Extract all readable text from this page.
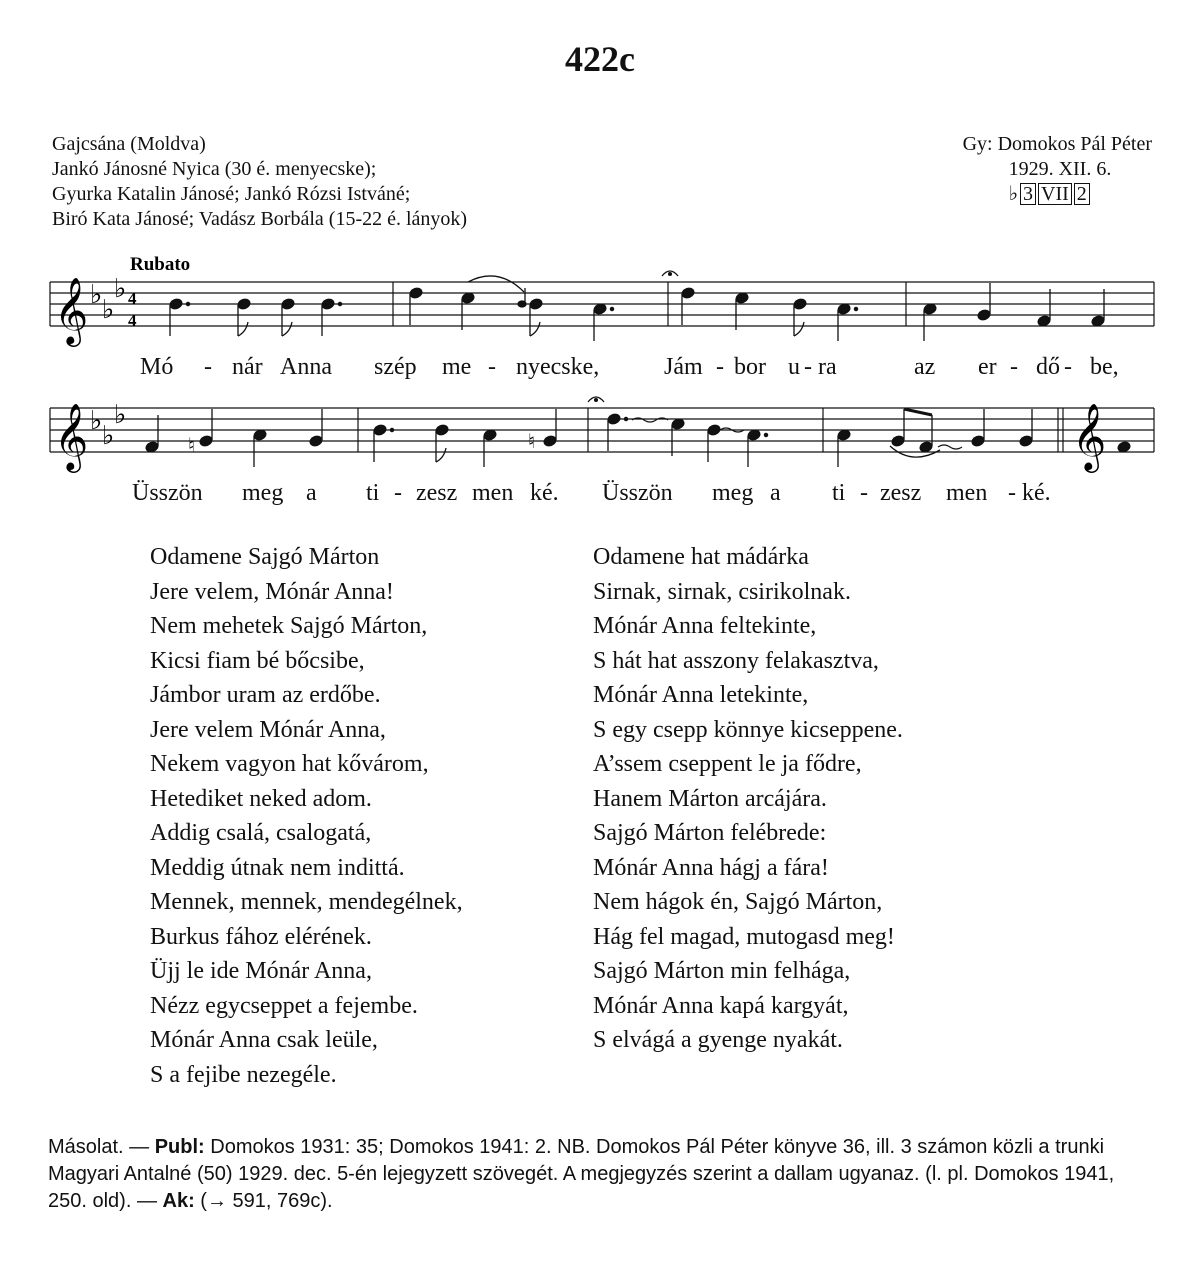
422c
Gajcsána (Moldva)
Jankó Jánosné Nyica (30 é. menyecske);
Gyurka Katalin Jánosé; Jankó Rózsi Istváné;
Biró Kata Jánosé; Vadász Borbála (15-22 é. lányok)
Gy: Domokos Pál Péter
1929. XII. 6.
♭ 3 VII 2
Rubato
𝄞 ♭ ♭
♭ 4
4
Mó - nár Anna szép me - nyecske,	Jám - bor u - ra	az er - dő - be,
𝄞 ♭ ♭
♭	𝄞
♮	♮
Üsszön meg a ti - zesz men ké. Üsszön meg a ti - zesz men - ké.
Odamene Sajgó Márton
Jere velem, Mónár Anna!
Nem mehetek Sajgó Márton,
Kicsi fiam bé bőcsibe,
Jámbor uram az erdőbe.
Jere velem Mónár Anna,
Nekem vagyon hat kővárom,
Hetediket neked adom.
Addig csalá, csalogatá,
Meddig útnak nem indittá.
Mennek, mennek, mendegélnek,
Burkus fához elérének.
Üjj le ide Mónár Anna,
Nézz egycseppet a fejembe.
Mónár Anna csak leüle,
S a fejibe nezegéle.
Odamene hat mádárka
Sirnak, sirnak, csirikolnak.
Mónár Anna feltekinte,
S hát hat asszony felakasztva,
Mónár Anna letekinte,
S egy csepp könnye kicseppene.
A’ssem cseppent le ja fődre,
Hanem Márton arcájára.
Sajgó Márton felébrede:
Mónár Anna hágj a fára!
Nem hágok én, Sajgó Márton,
Hág fel magad, mutogasd meg!
Sajgó Márton min felhága,
Mónár Anna kapá kargyát,
S elvágá a gyenge nyakát.
Másolat. — Publ: Domokos 1931: 35; Domokos 1941: 2. NB. Domokos Pál Péter könyve 36, ill. 3 számon közli a trunki Magyari Antalné (50) 1929. dec. 5-én lejegyzett szövegét. A megjegyzés szerint a dallam ugyanaz. (l. pl. Domokos 1941, 250. old). — Ak: (→ 591, 769c).
